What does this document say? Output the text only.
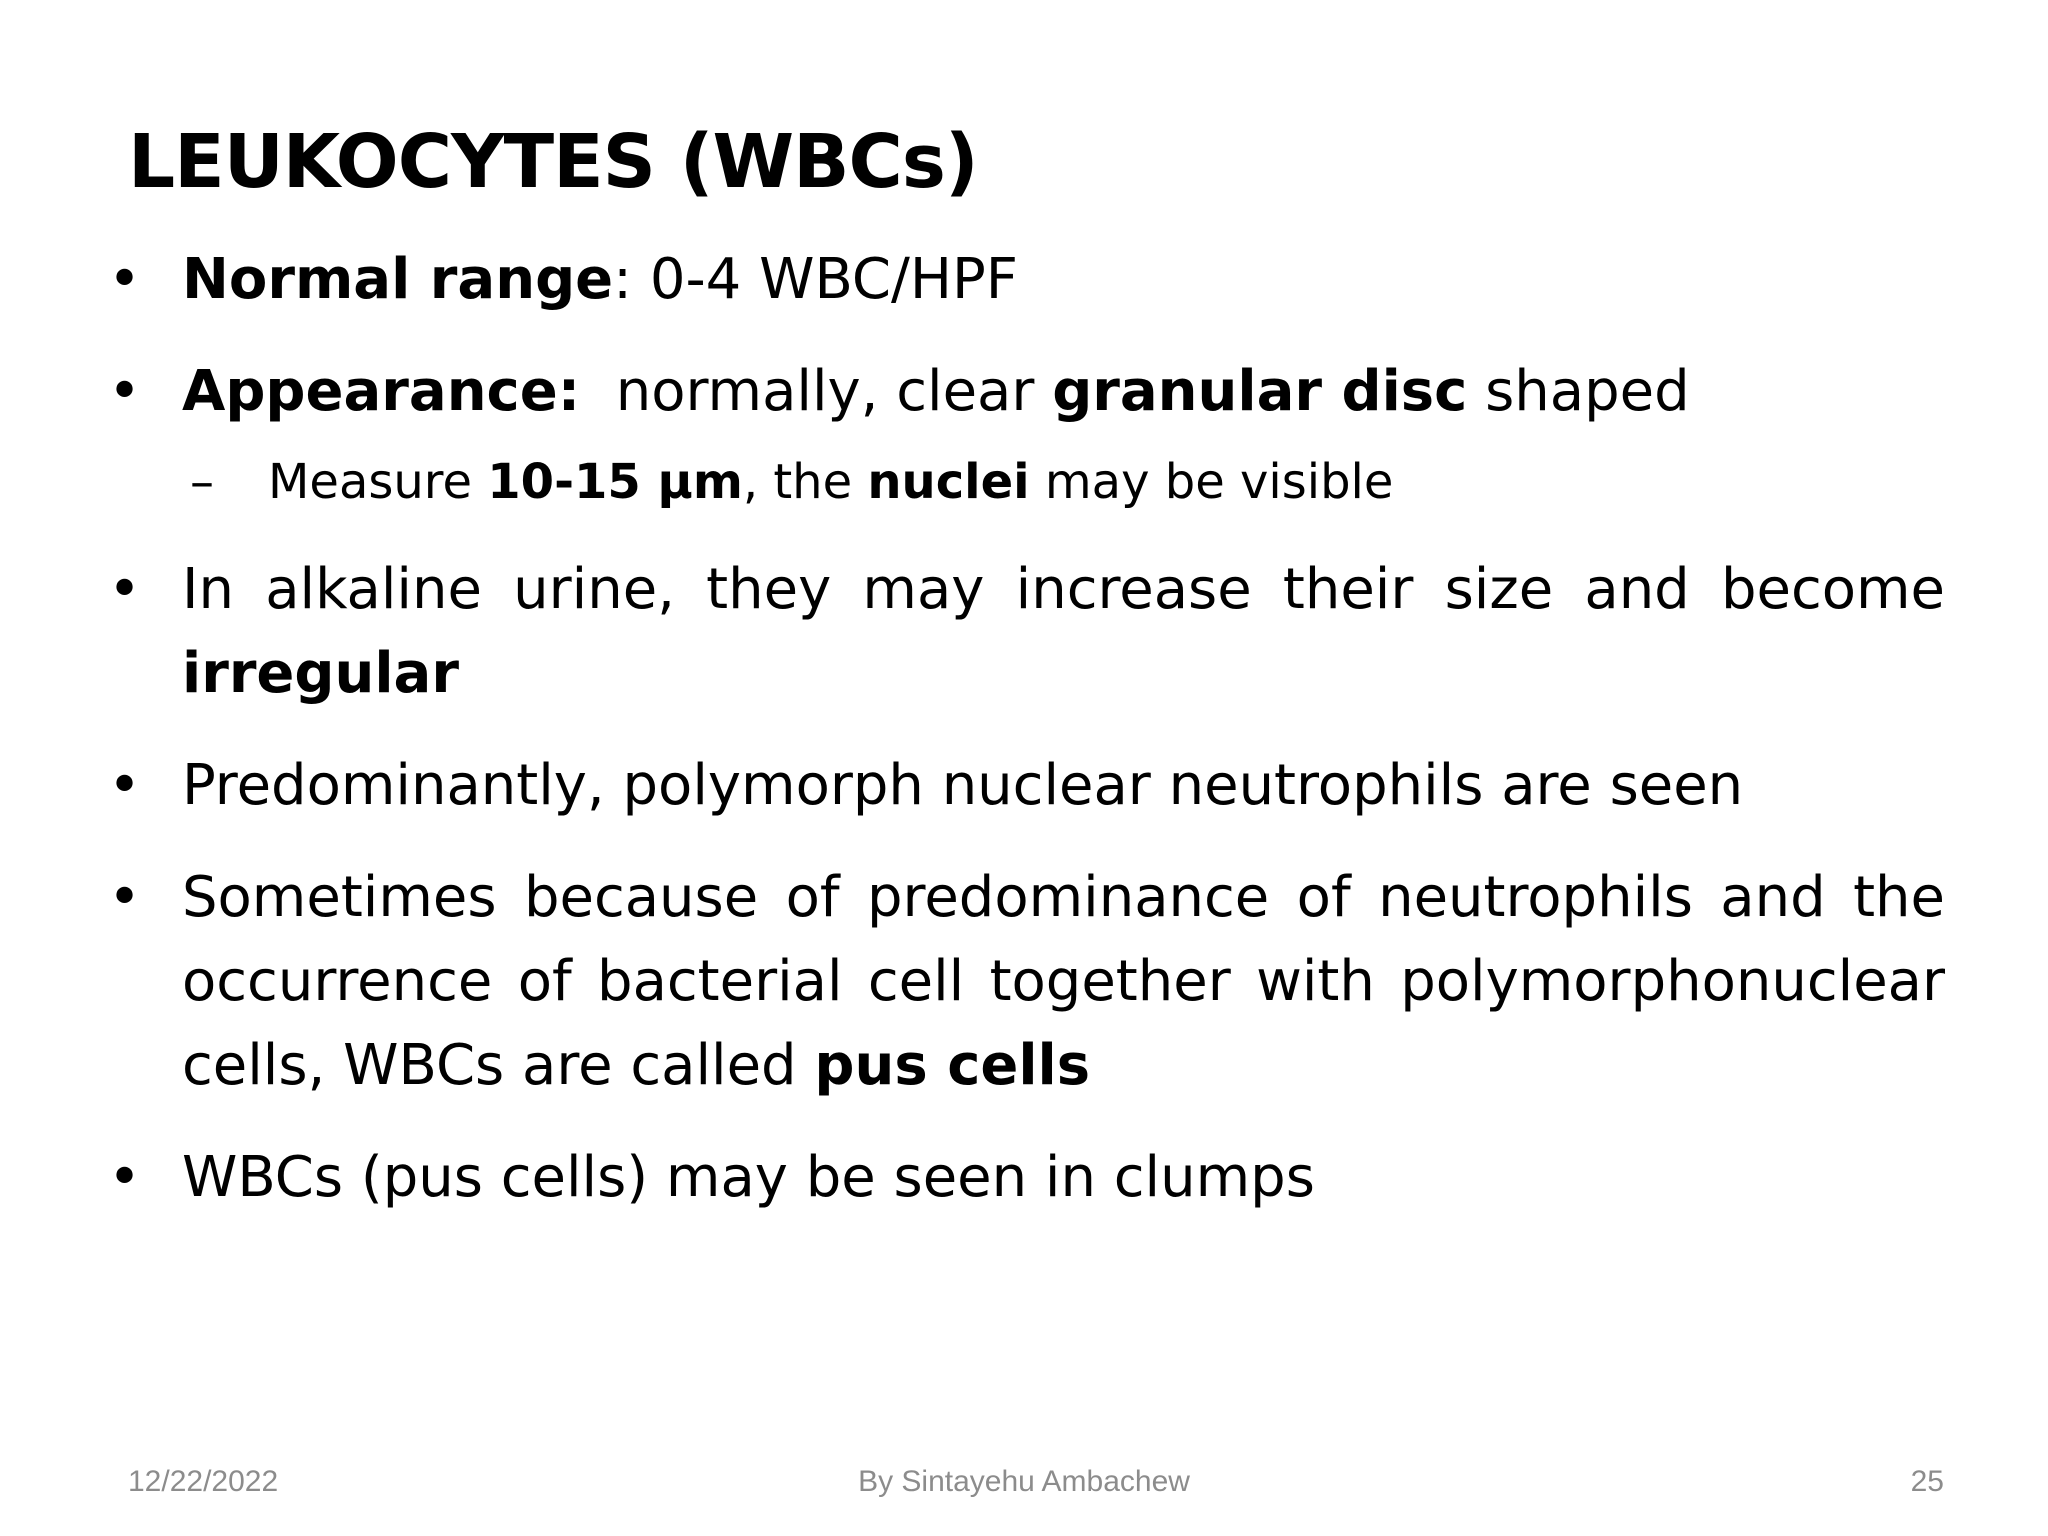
LEUKOCYTES (WBCs)
• Normal range: 0-4 WBC/HPF
• Appearance:  normally, clear granular disc shaped
– Measure 10-15 µm, the nuclei may be visible
• In alkaline urine, they may increase their size and become irregular
• Predominantly, polymorph nuclear neutrophils are seen
• Sometimes because of predominance of neutrophils and the occurrence of bacterial cell together with polymorphonuclear cells, WBCs are called pus cells
• WBCs (pus cells) may be seen in clumps
12/22/2022	By Sintayehu Ambachew	25
